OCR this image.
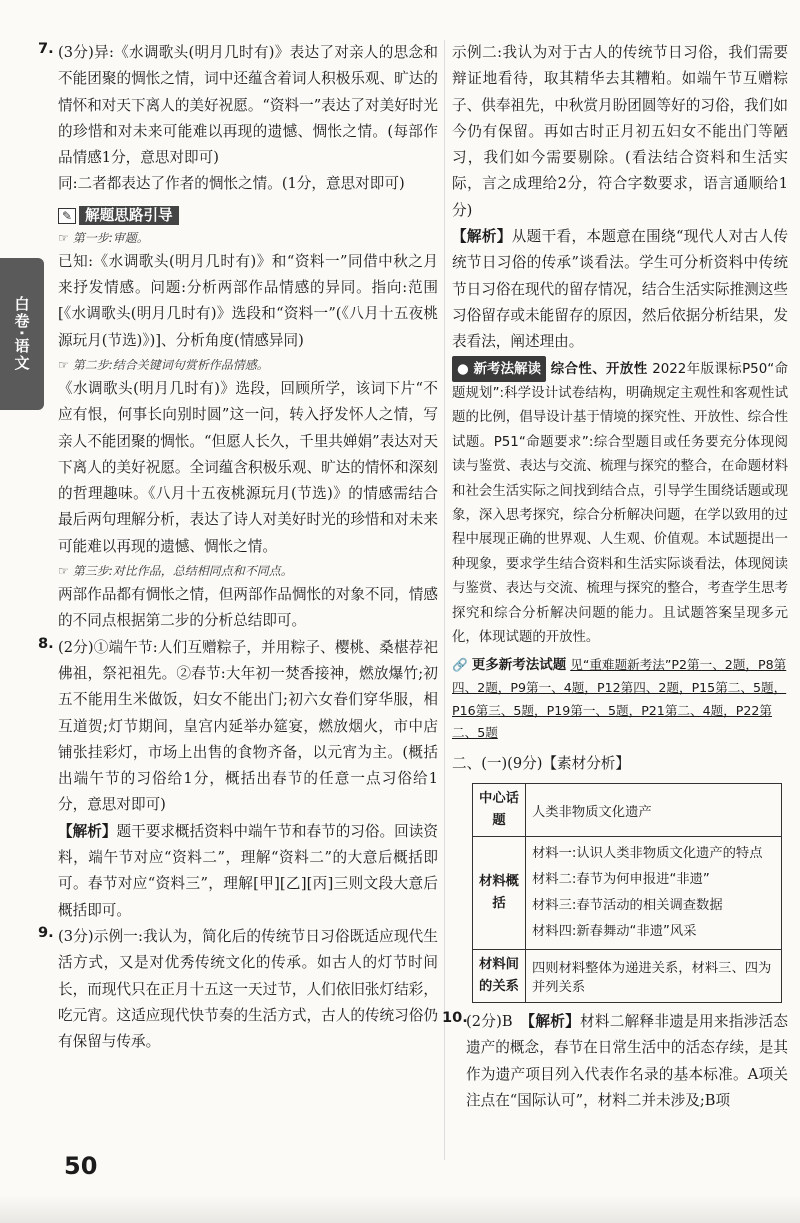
白卷·语文
7. (3分)异:《水调歌头(明月几时有)》表达了对亲人的思念和不能团聚的惆怅之情，词中还蕴含着词人积极乐观、旷达的情怀和对天下离人的美好祝愿。“资料一”表达了对美好时光的珍惜和对未来可能难以再现的遗憾、惆怅之情。(每部作品情感1分，意思对即可)

同:二者都表达了作者的惆怅之情。(1分，意思对即可)

✎ 解题思路引导
☞ 第一步:审题。

已知:《水调歌头(明月几时有)》和“资料一”同借中秋之月来抒发情感。问题:分析两部作品情感的异同。指向:范围[《水调歌头(明月几时有)》选段和“资料一”(《八月十五夜桃源玩月(节选)》)]、分析角度(情感异同)

☞ 第二步:结合关键词句赏析作品情感。

《水调歌头(明月几时有)》选段，回顾所学，该词下片“不应有恨，何事长向别时圆”这一问，转入抒发怀人之情，写亲人不能团聚的惆怅。“但愿人长久，千里共婵娟”表达对天下离人的美好祝愿。全词蕴含积极乐观、旷达的情怀和深刻的哲理趣味。《八月十五夜桃源玩月(节选)》的情感需结合最后两句理解分析，表达了诗人对美好时光的珍惜和对未来可能难以再现的遗憾、惆怅之情。

☞ 第三步:对比作品，总结相同点和不同点。

两部作品都有惆怅之情，但两部作品惆怅的对象不同，情感的不同点根据第二步的分析总结即可。

8. (2分)①端午节:人们互赠粽子，并用粽子、樱桃、桑椹荐祀佛祖，祭祀祖先。②春节:大年初一焚香接神，燃放爆竹;初五不能用生米做饭，妇女不能出门;初六女眷们穿华服，相互道贺;灯节期间，皇宫内延举办筵宴，燃放烟火，市中店铺张挂彩灯，市场上出售的食物齐备，以元宵为主。(概括出端午节的习俗给1分，概括出春节的任意一点习俗给1分，意思对即可)

【解析】题干要求概括资料中端午节和春节的习俗。回读资料，端午节对应“资料二”，理解“资料二”的大意后概括即可。春节对应“资料三”，理解[甲][乙][丙]三则文段大意后概括即可。

9. (3分)示例一:我认为，简化后的传统节日习俗既适应现代生活方式，又是对优秀传统文化的传承。如古人的灯节时间长，而现代只在正月十五这一天过节，人们依旧张灯结彩，吃元宵。这适应现代快节奏的生活方式，古人的传统习俗仍有保留与传承。

示例二:我认为对于古人的传统节日习俗，我们需要辩证地看待，取其精华去其糟粕。如端午节互赠粽子、供奉祖先，中秋赏月盼团圆等好的习俗，我们如今仍有保留。再如古时正月初五妇女不能出门等陋习，我们如今需要剔除。(看法结合资料和生活实际，言之成理给2分，符合字数要求，语言通顺给1分)

【解析】从题干看，本题意在围绕“现代人对古人传统节日习俗的传承”谈看法。学生可分析资料中传统节日习俗在现代的留存情况，结合生活实际推测这些习俗留存或未能留存的原因，然后依据分析结果，发表看法，阐述理由。

● 新考法解读 综合性、开放性 2022年版课标P50“命题规划”:科学设计试卷结构，明确规定主观性和客观性试题的比例，倡导设计基于情境的探究性、开放性、综合性试题。P51“命题要求”:综合型题目或任务要充分体现阅读与鉴赏、表达与交流、梳理与探究的整合，在命题材料和社会生活实际之间找到结合点，引导学生围绕话题或现象，深入思考探究，综合分析解决问题，在学以致用的过程中展现正确的世界观、人生观、价值观。本试题提出一种现象，要求学生结合资料和生活实际谈看法，体现阅读与鉴赏、表达与交流、梳理与探究的整合，考查学生思考探究和综合分析解决问题的能力。且试题答案呈现多元化，体现试题的开放性。

🔗 更多新考法试题 见“重难题新考法”P2第一、2题，P8第四、2题，P9第一、4题，P12第四、2题，P15第二、5题，P16第三、5题，P19第一、5题，P21第二、4题，P22第二、5题

二、(一)(9分)【素材分析】

中心话题	人类非物质文化遗产
材料概括	材料一:认识人类非物质文化遗产的特点
材料二:春节为何申报进“非遗”
材料三:春节活动的相关调查数据
材料四:新春舞动“非遗”风采

材料间的关系	四则材料整体为递进关系，材料三、四为并列关系
10.

(2分)B　 【解析】材料二解释非遗是用来指涉活态遗产的概念，春节在日常生活中的活态存续，是其作为遗产项目列入代表作名录的基本标准。A项关注点在“国际认可”，材料二并未涉及;B项

50
